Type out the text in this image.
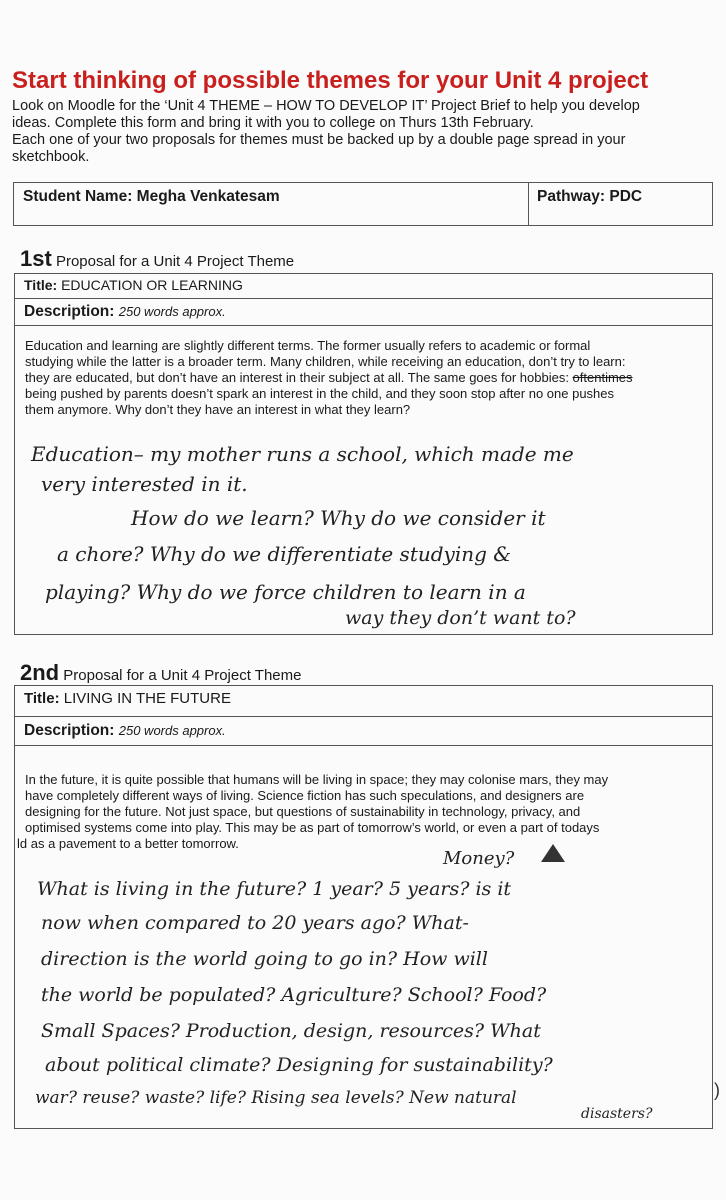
Start thinking of possible themes for your Unit 4 project

Look on Moodle for the ‘Unit 4 THEME – HOW TO DEVELOP IT’ Project Brief to help you develop

ideas. Complete this form and bring it with you to college on Thurs 13th February.

Each one of your two proposals for themes must be backed up by a double page spread in your

sketchbook.

Student Name: Megha Venkatesam	Pathway: PDC
1st Proposal for a Unit 4 Project Theme
Title: EDUCATION OR LEARNING
Description: 250 words approx.

Education and learning are slightly different terms. The former usually refers to academic or formal

studying while the latter is a broader term. Many children, while receiving an education, don’t try to learn:

they are educated, but don’t have an interest in their subject at all. The same goes for hobbies: oftentimes

being pushed by parents doesn’t spark an interest in the child, and they soon stop after no one pushes

them anymore. Why don’t they have an interest in what they learn?

Education– my mother runs a school, which made me
very interested in it.
How do we learn? Why do we consider it
a chore? Why do we differentiate studying &
playing? Why do we force children to learn in a
way they don’t want to?
2nd Proposal for a Unit 4 Project Theme
Title: LIVING IN THE FUTURE
Description: 250 words approx.

In the future, it is quite possible that humans will be living in space; they may colonise mars, they may

have completely different ways of living. Science fiction has such speculations, and designers are

designing for the future. Not just space, but questions of sustainability in technology, privacy, and

optimised systems come into play. This may be as part of tomorrow’s world, or even a part of todays

ld as a pavement to a better tomorrow.

Money?
What is living in the future? 1 year? 5 years? is it
now when compared to 20 years ago? What-
direction is the world going to go in? How will
the world be populated? Agriculture? School? Food?
Small Spaces? Production, design, resources? What
about political climate? Designing for sustainability?
war? reuse? waste? life? Rising sea levels? New natural
disasters?
)
